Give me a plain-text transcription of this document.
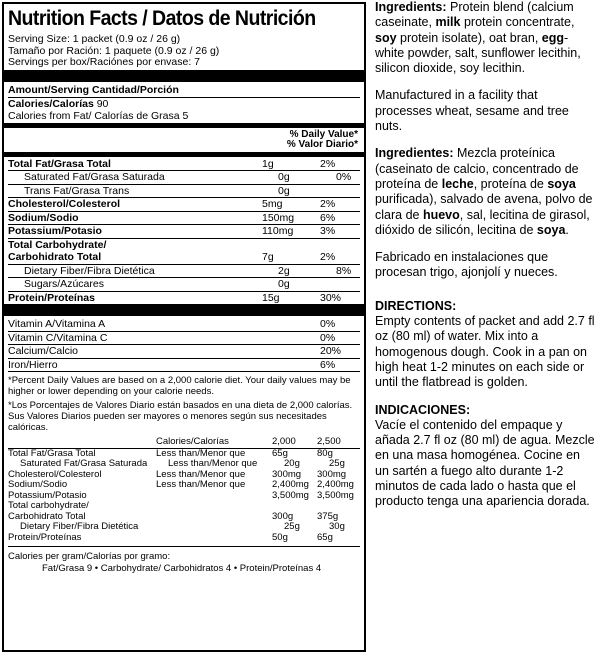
Nutrition Facts / Datos de Nutrición
Serving Size: 1 packet (0.9 oz / 26 g)
Tamaño por Ración: 1 paquete (0.9 oz / 26 g)
Servings per box/Raciónes por envase: 7
Amount/Serving Cantidad/Porción
Calories/Calorías 90
Calories from Fat/ Calorías de Grasa 5
% Daily Value*
% Valor Diario*
Total Fat/Grasa Total	1g	2%
Saturated Fat/Grasa Saturada	0g	0%
Trans Fat/Grasa Trans	0g
Cholesterol/Colesterol	5mg	2%
Sodium/Sodio	150mg	6%
Potassium/Potasio	110mg	3%
Total Carbohydrate/
Carbohidrato Total	7g	2%
Dietary Fiber/Fibra Dietética	2g	8%
Sugars/Azúcares	0g
Protein/Proteínas	15g	30%
Vitamin A/Vitamina A	0%
Vitamin C/Vitamina C	0%
Calcium/Calcio	20%
Iron/Hierro	6%
*Percent Daily Values are based on a 2,000 calorie diet. Your daily values may be higher or lower depending on your calorie needs.
*Los Porcentajes de Valores Diario están basados en una dieta de 2,000 calorías. Sus Valores Diarios pueden ser mayores o menores según sus necesitades calóricas.
Calories/Calorías	2,000	2,500
Total Fat/Grasa Total	Less than/Menor que	65g	80g
Saturated Fat/Grasa Saturada	Less than/Menor que	20g	25g
Cholesterol/Colesterol	Less than/Menor que	300mg	300mg
Sodium/Sodio	Less than/Menor que	2,400mg 2,400mg
Potassium/Potasio	3,500mg 3,500mg
Total carbohydrate/
Carbohidrato Total	300g	375g
Dietary Fiber/Fibra Dietética	25g	30g
Protein/Proteínas	50g	65g
Calories per gram/Calorías por gramo:
Fat/Grasa 9 • Carbohydrate/ Carbohidratos 4 • Protein/Proteínas 4

Ingredients: Protein blend (calcium caseinate, milk protein concentrate, soy protein isolate), oat bran, egg-white powder, salt, sunflower lecithin, silicon dioxide, soy lecithin.

Manufactured in a facility that processes wheat, sesame and tree nuts.

Ingredientes: Mezcla proteínica (caseinato de calcio, concentrado de proteína de leche, proteína de soya purificada), salvado de avena, polvo de clara de huevo, sal, lecitina de girasol, dióxido de silicón, lecitina de soya.

Fabricado en instalaciones que procesan trigo, ajonjolí y nueces.

DIRECTIONS:
Empty contents of packet and add 2.7 fl oz (80 ml) of water. Mix into a homogenous dough. Cook in a pan on high heat 1-2 minutes on each side or until the flatbread is golden.

INDICACIONES:
Vacíe el contenido del empaque y añada 2.7 fl oz (80 ml) de agua. Mezcle en una masa homogénea. Cocine en un sartén a fuego alto durante 1-2 minutos de cada lado o hasta que el producto tenga una apariencia dorada.
